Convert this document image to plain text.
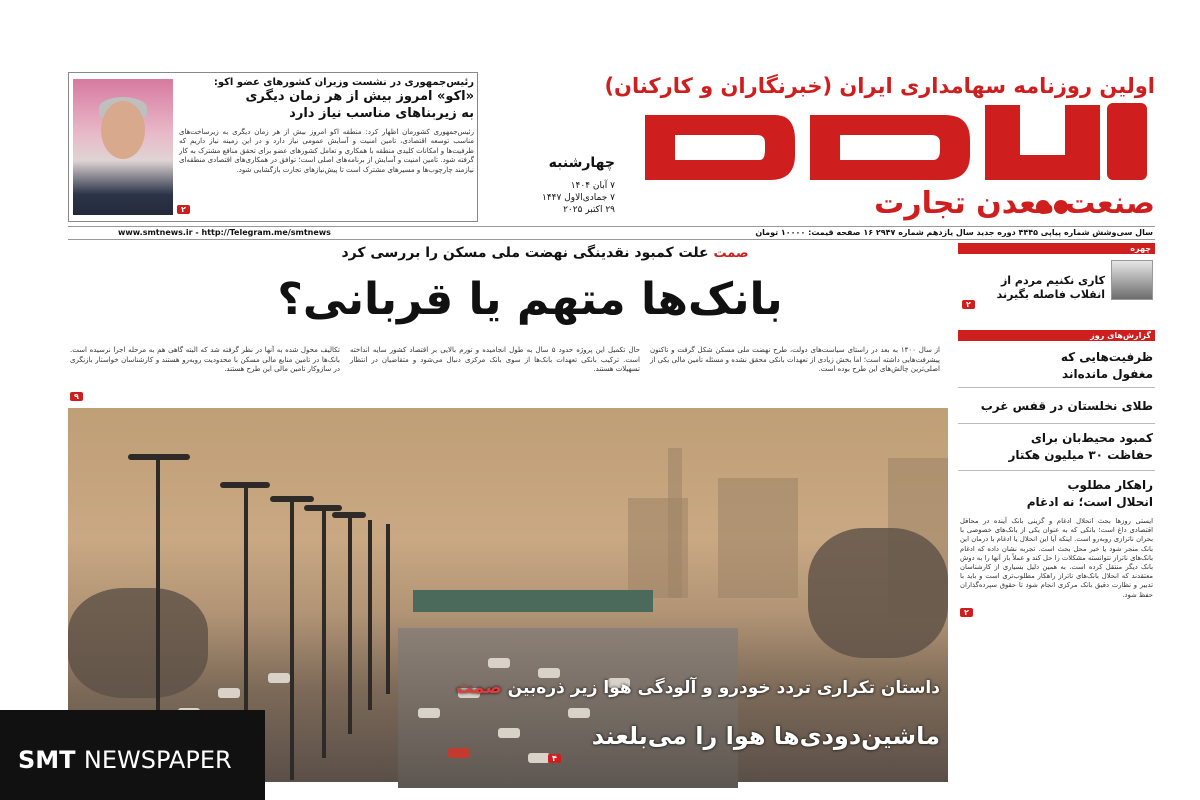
اولین روزنامه سهامداری ایران (خبرنگاران و کارکنان)
صنعت معدن تجارت
چهارشنبه
۷ آبان ۱۴۰۴
۷ جمادی‌الاول ۱۴۴۷
۲۹ اکتبر ۲۰۲۵
رئیس‌جمهوری در نشست وزیران کشورهای عضو اکو:
«اکو» امروز بیش از هر زمان دیگری
به زیربناهای مناسب نیاز دارد
رئیس‌جمهوری کشورمان اظهار کرد: منطقه اکو امروز بیش از هر زمان دیگری به زیرساخت‌های مناسب توسعه اقتصادی، تامین امنیت و آسایش عمومی نیاز دارد و در این زمینه نیاز داریم که ظرفیت‌ها و امکانات کلیدی منطقه با همکاری و تعامل کشورهای عضو برای تحقق منافع مشترک به کار گرفته شود. تامین امنیت و آسایش از برنامه‌های اصلی است؛ توافق در همکاری‌های اقتصادی منطقه‌ای نیازمند چارچوب‌ها و مسیرهای مشترک است تا پیش‌نیازهای تجارت بازگشایی شود.
۲
سال سی‌وشش شماره پیاپی ۴۴۴۵ دوره جدید سال یازدهم شماره ۲۹۴۷ ۱۶ صفحه قیمت: ۱۰۰۰۰ تومان
www.smtnews.ir - http://Telegram.me/smtnews
صمت علت کمبود نقدینگی نهضت ملی مسکن را بررسی کرد
بانک‌ها متهم یا قربانی؟
از سال ۱۴۰۰ به بعد در راستای سیاست‌های دولت، طرح نهضت ملی مسکن شکل گرفت و تاکنون پیشرفت‌هایی داشته است؛ اما بخش زیادی از تعهدات بانکی محقق نشده و مسئله تامین مالی یکی از اصلی‌ترین چالش‌های این طرح بوده است.
حال تکمیل این پروژه حدود ۵ سال به طول انجامیده و تورم بالایی بر اقتصاد کشور سایه انداخته است. ترکیب بانکی تعهدات بانک‌ها از سوی بانک مرکزی دنبال می‌شود و متقاضیان در انتظار تسهیلات هستند.
تکالیف محول شده به آنها در نظر گرفته شد که البته گاهی هم به مرحله اجرا نرسیده است. بانک‌ها در تامین منابع مالی مسکن با محدودیت روبه‌رو هستند و کارشناسان خواستار بازنگری در سازوکار تامین مالی این طرح هستند.
۹
داستان تکراری تردد خودرو و آلودگی هوا زیر ذره‌بین صمت
ماشین‌دودی‌ها هوا را می‌بلعند
۴
چهره
کاری نکنیم مردم از انقلاب فاصله بگیرند
۲
گزارش‌های روز
ظرفیت‌هایی که مغفول مانده‌اند
طلای نخلستان در قفس غرب
کمبود محیط‌بان برای حفاظت ۳۰ میلیون هکتار
راهکار مطلوب
انحلال است؛ نه ادغام
ایستی روزها بحث انحلال ادغام و گزینی بانک آینده در محافل اقتصادی داغ است؛ بانکی که به عنوان یکی از بانک‌های خصوصی با بحران ناترازی روبه‌رو است. اینکه آیا این انحلال یا ادغام با درمان این بانک منجر شود یا خیر محل بحث است. تجربه نشان داده که ادغام بانک‌های ناتراز نتوانسته مشکلات را حل کند و عملاً بار آنها را به دوش بانک دیگر منتقل کرده است. به همین دلیل بسیاری از کارشناسان معتقدند که انحلال بانک‌های ناتراز راهکار مطلوب‌تری است و باید با تدبیر و نظارت دقیق بانک مرکزی انجام شود تا حقوق سپرده‌گذاران حفظ شود.
۲
SMT NEWSPAPER
